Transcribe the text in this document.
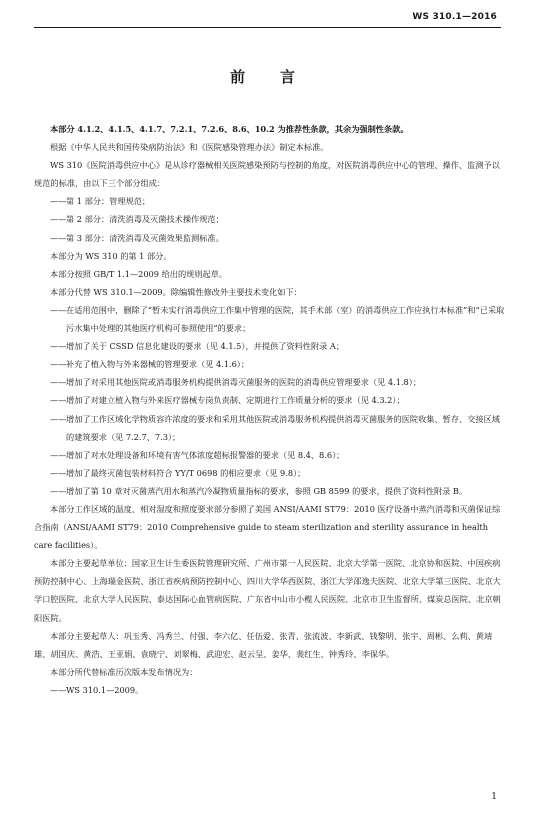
WS 310.1—2016
前　言

本部分 4.1.2、4.1.5、4.1.7、7.2.1、7.2.6、8.6、10.2 为推荐性条款，其余为强制性条款。

根据《中华人民共和国传染病防治法》和《医院感染管理办法》制定本标准。

WS 310《医院消毒供应中心》是从诊疗器械相关医院感染预防与控制的角度，对医院消毒供应中心的管理、操作、监测予以规范的标准，由以下三个部分组成：

——第 1 部分：管理规范；

——第 2 部分：清洗消毒及灭菌技术操作规范；

——第 3 部分：清洗消毒及灭菌效果监测标准。

本部分为 WS 310 的第 1 部分。

本部分按照 GB/T 1.1—2009 给出的规则起草。

本部分代替 WS 310.1—2009。除编辑性修改外主要技术变化如下：

——在适用范围中，删除了“暂未实行消毒供应工作集中管理的医院，其手术部（室）的消毒供应工作应执行本标准”和“已采取污水集中处理的其他医疗机构可参照使用”的要求；

——增加了关于 CSSD 信息化建设的要求（见 4.1.5），并提供了资料性附录 A；

——补充了植入物与外来器械的管理要求（见 4.1.6）；

——增加了对采用其他医院或消毒服务机构提供消毒灭菌服务的医院的消毒供应管理要求（见 4.1.8）；

——增加了对建立植入物与外来医疗器械专岗负责制、定期进行工作质量分析的要求（见 4.3.2）；

——增加了工作区域化学物质容许浓度的要求和采用其他医院或消毒服务机构提供消毒灭菌服务的医院收集、暂存、交接区域的建筑要求（见 7.2.7、7.3）；

——增加了对水处理设备和环境有害气体浓度超标报警器的要求（见 8.4、8.6）；

——增加了最终灭菌包装材料符合 YY/T 0698 的相应要求（见 9.8）；

——增加了第 10 章对灭菌蒸汽用水和蒸汽冷凝物质量指标的要求，参照 GB 8599 的要求，提供了资料性附录 B。

本部分工作区域的温度、相对湿度和照度要求部分参照了美国 ANSI/AAMI ST79：2010 医疗设备中蒸汽消毒和灭菌保证综合指南（ANSI/AAMI ST79：2010 Comprehensive guide to steam sterilization and sterility assurance in health care facilities）。

本部分主要起草单位：国家卫生计生委医院管理研究所、广州市第一人民医院、北京大学第一医院、北京协和医院、中国疾病预防控制中心、上海瑞金医院、浙江省疾病预防控制中心、四川大学华西医院、浙江大学邵逸夫医院、北京大学第三医院、北京大学口腔医院、北京大学人民医院、泰达国际心血管病医院、广东省中山市小榄人民医院、北京市卫生监督所、煤炭总医院、北京朝阳医院。

本部分主要起草人：巩玉秀、冯秀兰、付强、李六亿、任伍爱、张青、张流波、李新武、钱黎明、张宇、周彬、么莉、黄靖雄、胡国庆、黄浩、王亚娟、袁晓宁、刘翠梅、武迎宏、赵云呈、姜华、裴红生、钟秀玲、李保华。

本部分所代替标准历次版本发布情况为：

——WS 310.1—2009。

1
